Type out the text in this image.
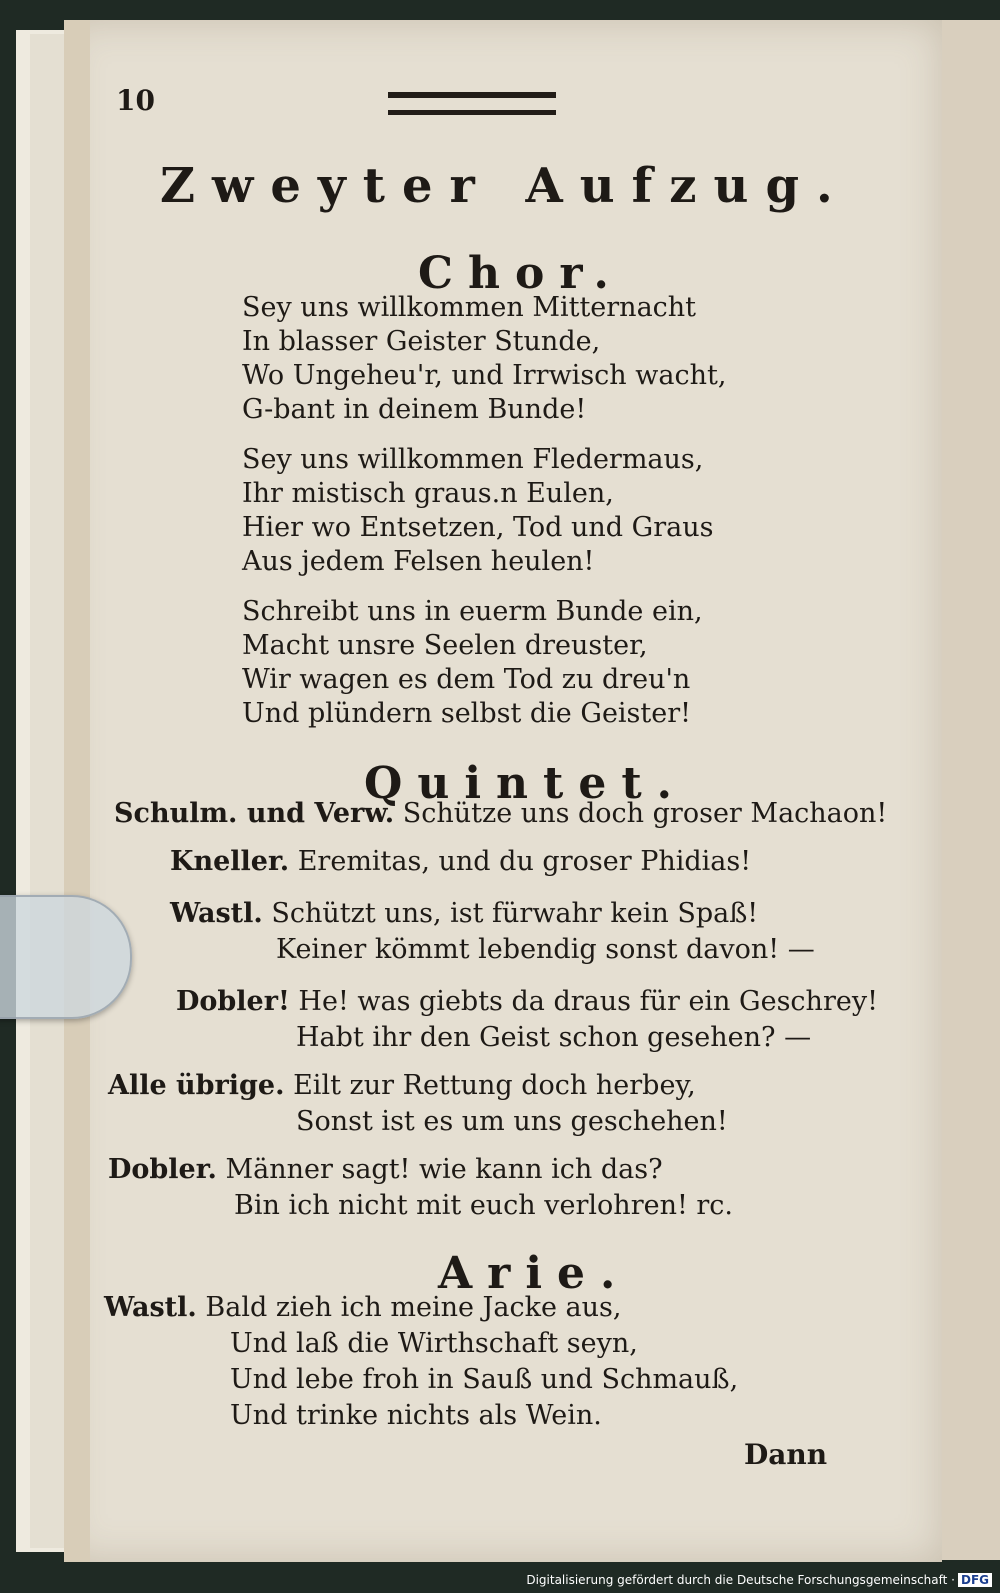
10
Zweyter Aufzug.
Chor.
Sey uns willkommen Mitternacht
In blasser Geister Stunde,
Wo Ungeheu'r, und Irrwisch wacht,
G-bant in deinem Bunde!
Sey uns willkommen Fledermaus,
Ihr mistisch graus.n Eulen,
Hier wo Entsetzen, Tod und Graus
Aus jedem Felsen heulen!
Schreibt uns in euerm Bunde ein,
Macht unsre Seelen dreuster,
Wir wagen es dem Tod zu dreu'n
Und plündern selbst die Geister!
Quintet.
Schulm. und Verw. Schütze uns doch groser Machaon!
Kneller. Eremitas, und du groser Phidias!
Wastl. Schützt uns, ist fürwahr kein Spaß!
Keiner kömmt lebendig sonst davon! —
Dobler! He! was giebts da draus für ein Geschrey!
Habt ihr den Geist schon gesehen? —
Alle übrige. Eilt zur Rettung doch herbey,
Sonst ist es um uns geschehen!
Dobler. Männer sagt! wie kann ich das?
Bin ich nicht mit euch verlohren! rc.
Arie.
Wastl. Bald zieh ich meine Jacke aus,
Und laß die Wirthschaft seyn,
Und lebe froh in Sauß und Schmauß,
Und trinke nichts als Wein.
Dann
Digitalisierung gefördert durch die Deutsche Forschungsgemeinschaft · DFG
